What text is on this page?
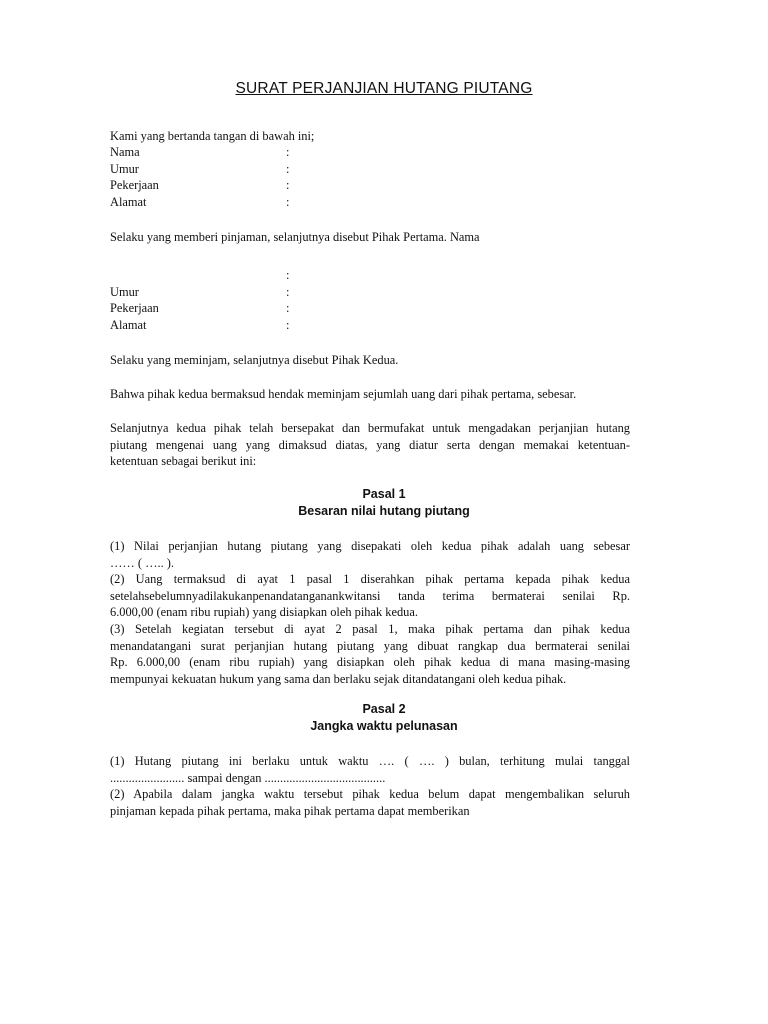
SURAT PERJANJIAN HUTANG PIUTANG
Kami yang bertanda tangan di bawah ini;
Nama	:
Umur	:
Pekerjaan	:
Alamat	:
Selaku yang memberi pinjaman, selanjutnya disebut Pihak Pertama. Nama
:
Umur	:
Pekerjaan	:
Alamat	:
Selaku yang meminjam, selanjutnya disebut Pihak Kedua.
Bahwa pihak kedua bermaksud hendak meminjam sejumlah uang dari pihak pertama, sebesar.
Selanjutnya kedua pihak telah bersepakat dan bermufakat untuk mengadakan perjanjian hutang
piutang mengenai uang yang dimaksud diatas, yang diatur serta dengan memakai ketentuan-
ketentuan sebagai berikut ini:
Pasal 1
Besaran nilai hutang piutang
(1) Nilai perjanjian hutang piutang yang disepakati oleh kedua pihak adalah uang sebesar
…… ( ….. ).
(2) Uang termaksud di ayat 1 pasal 1 diserahkan pihak pertama kepada pihak kedua
setelahsebelumnyadilakukanpenandatanganankwitansi tanda terima bermaterai senilai Rp.
6.000,00 (enam ribu rupiah) yang disiapkan oleh pihak kedua.
(3) Setelah kegiatan tersebut di ayat 2 pasal 1, maka pihak pertama dan pihak kedua
menandatangani surat perjanjian hutang piutang yang dibuat rangkap dua bermaterai senilai
Rp. 6.000,00 (enam ribu rupiah) yang disiapkan oleh pihak kedua di mana masing-masing
mempunyai kekuatan hukum yang sama dan berlaku sejak ditandatangani oleh kedua pihak.
Pasal 2
Jangka waktu pelunasan
(1) Hutang piutang ini berlaku untuk waktu …. ( …. ) bulan, terhitung mulai tanggal
........................ sampai dengan .......................................
(2) Apabila dalam jangka waktu tersebut pihak kedua belum dapat mengembalikan seluruh
pinjaman kepada pihak pertama, maka pihak pertama dapat memberikan
